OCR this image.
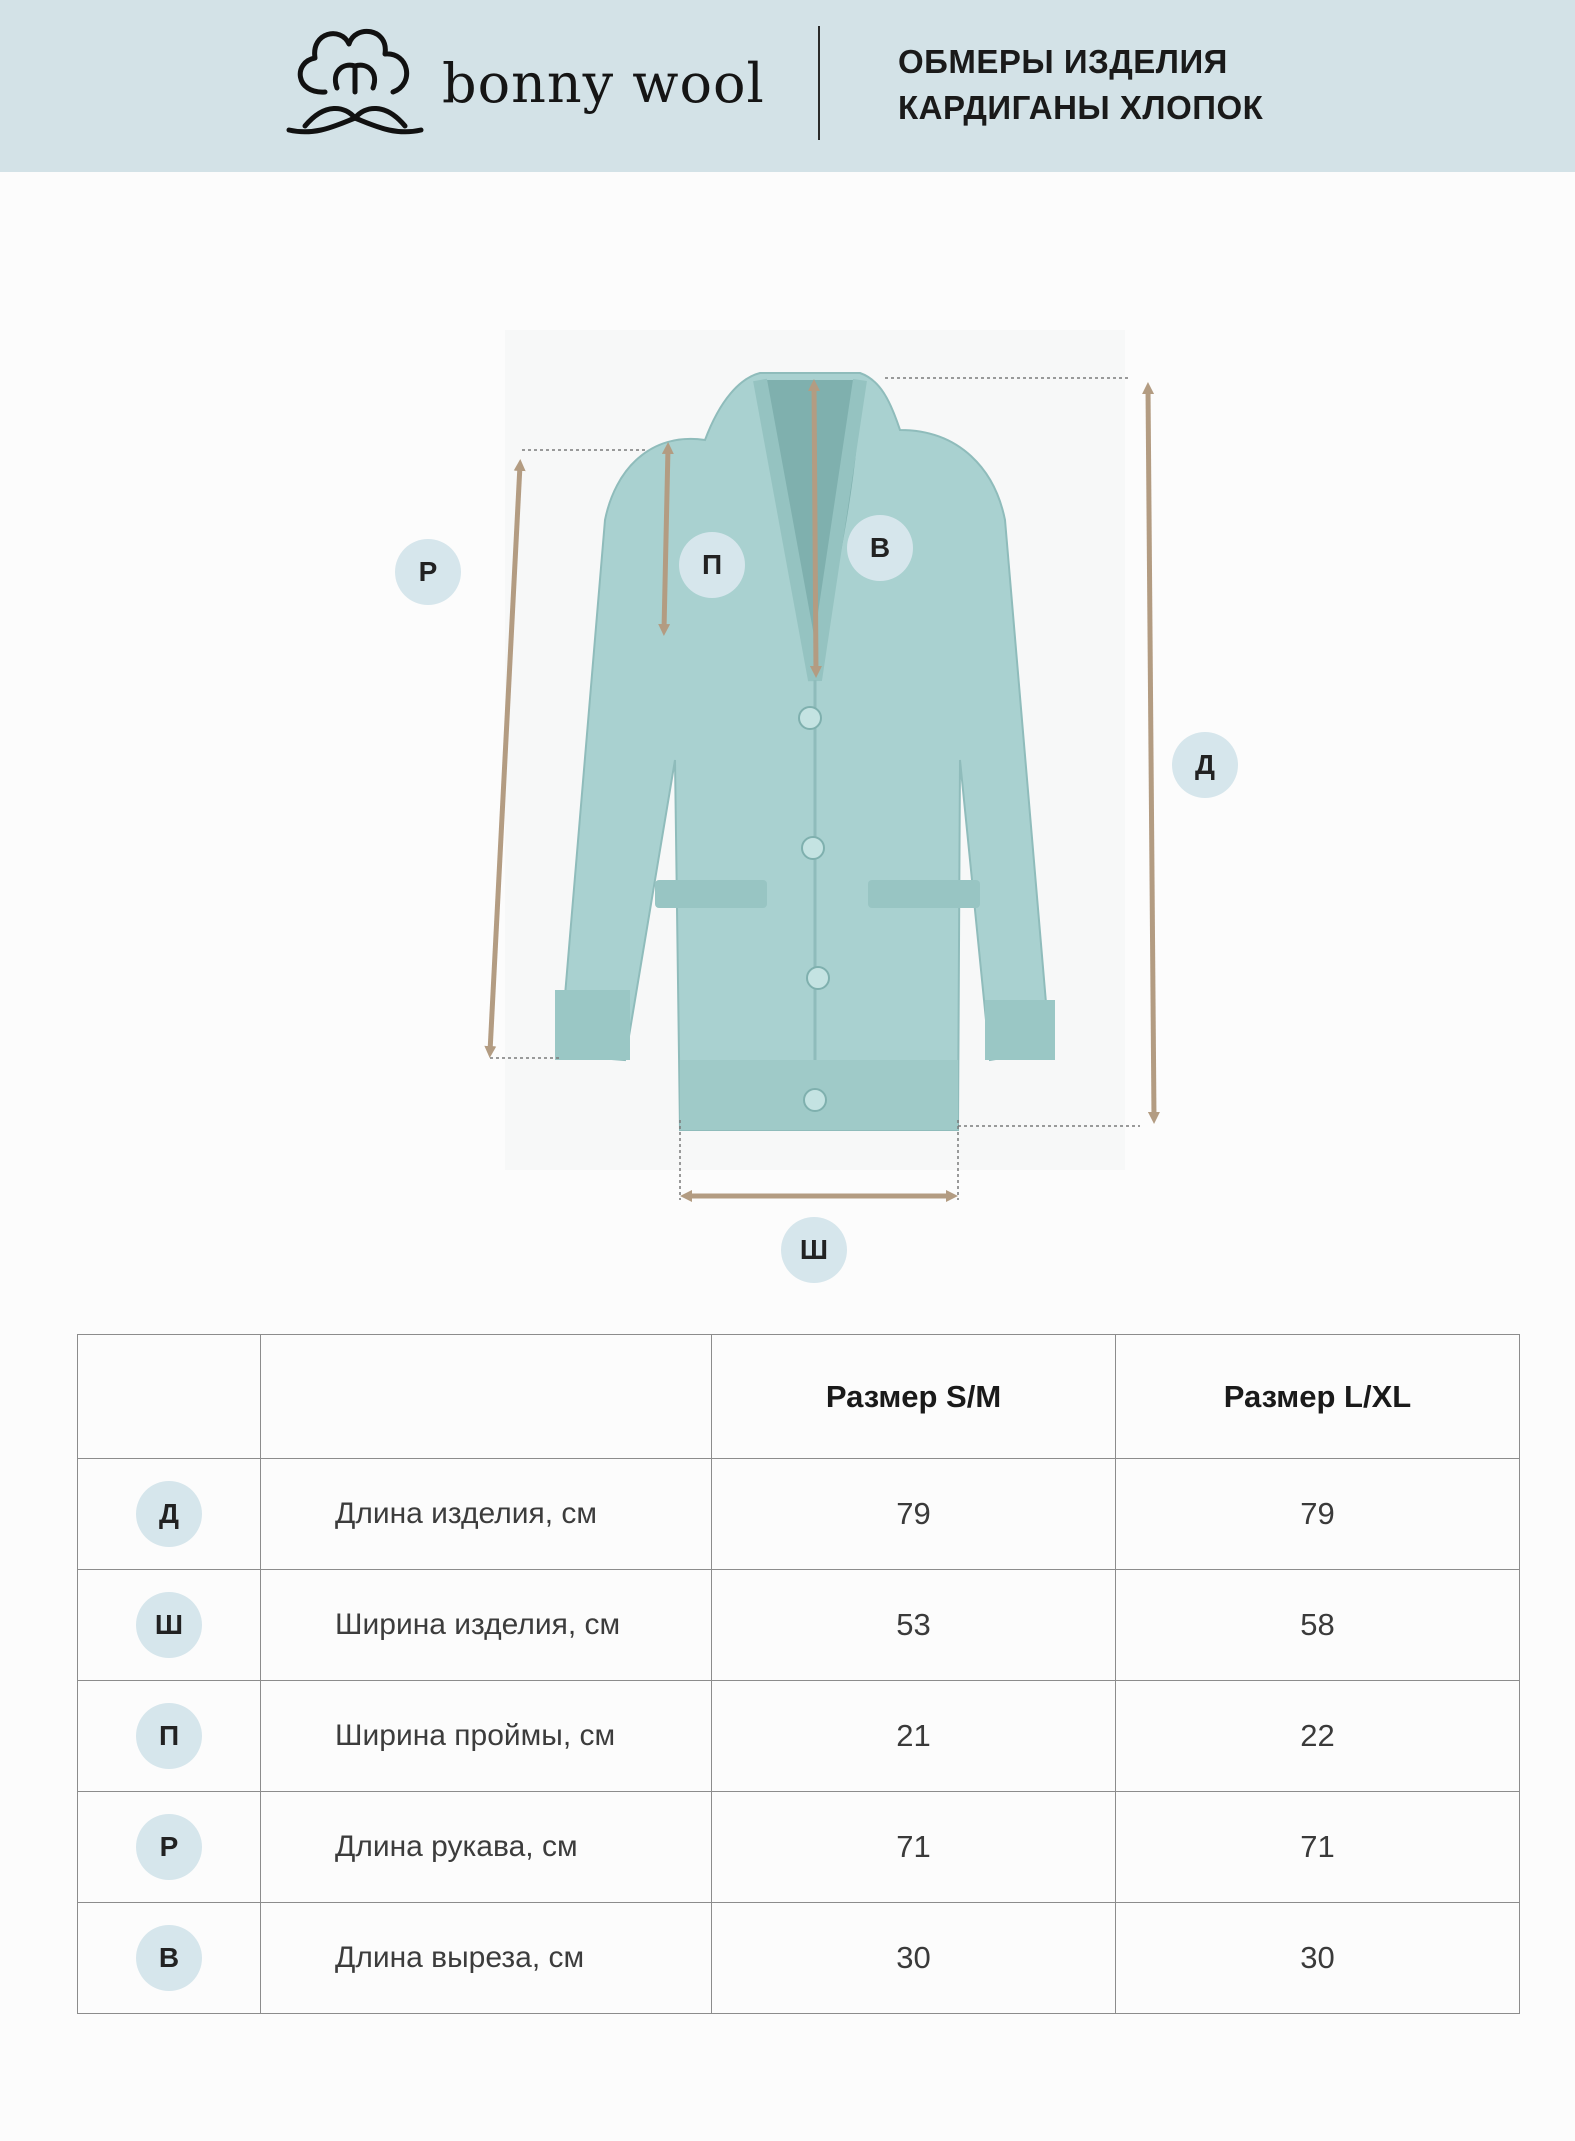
bonny wool	ОБМЕРЫ ИЗДЕЛИЯ
КАРДИГАНЫ ХЛОПОК
Р	П
В
Д
Ш
		Размер S/M	Размер L/XL
Д	Длина изделия, см	79	79
Ш	Ширина изделия, см	53	58
П	Ширина проймы, см	21	22
Р	Длина рукава, см	71	71
В	Длина выреза, см	30	30
